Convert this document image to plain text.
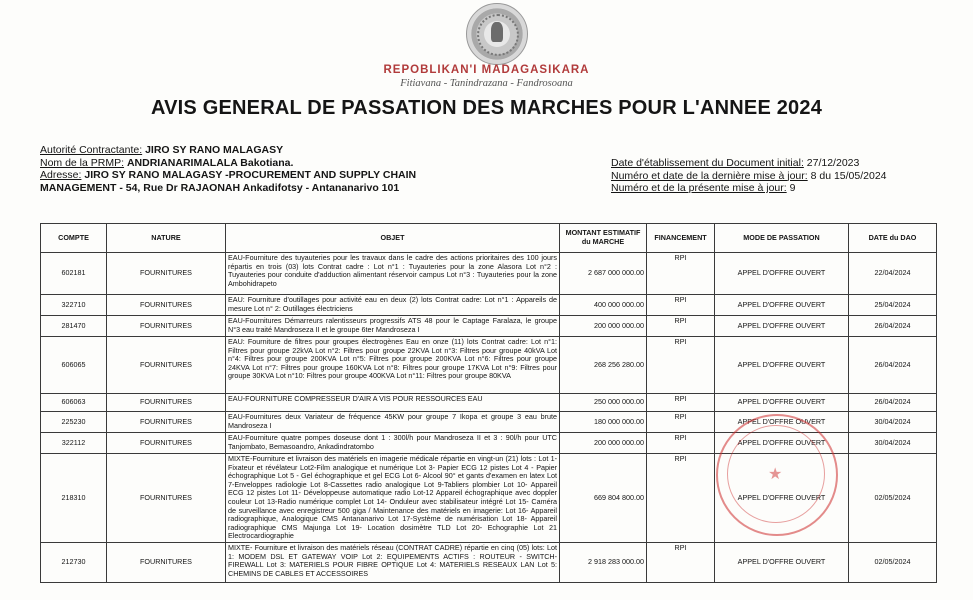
REPOBLIKAN'I MADAGASIKARA
Fitiavana - Tanindrazana - Fandrosoana
AVIS GENERAL DE PASSATION DES MARCHES POUR L'ANNEE 2024
Autorité Contractante: JIRO SY RANO MALAGASY
Nom de la PRMP: ANDRIANARIMALALA Bakotiana.
Adresse: JIRO SY RANO MALAGASY -PROCUREMENT AND SUPPLY CHAIN
MANAGEMENT - 54, Rue Dr RAJAONAH Ankadifotsy - Antananarivo 101
Date d'établissement du Document initial: 27/12/2023
Numéro et date de la dernière mise à jour: 8 du 15/05/2024
Numéro et de la présente mise à jour: 9
COMPTE	NATURE	OBJET	MONTANT ESTIMATIF du MARCHE	FINANCEMENT	MODE DE PASSATION	DATE du DAO
602181	FOURNITURES	EAU-Fourniture des tuyauteries pour les travaux dans le cadre des actions prioritaires des 100 jours répartis en trois (03) lots Contrat cadre : Lot n°1 : Tuyauteries pour la zone Alasora Lot n°2 : Tuyauteries pour conduite d'adduction alimentant réservoir campus Lot n°3 : Tuyauteries pour la zone Ambohidrapeto	2 687 000 000.00	RPI	APPEL D'OFFRE OUVERT	22/04/2024
322710	FOURNITURES	EAU: Fourniture d'outillages pour activité eau en deux (2) lots Contrat cadre: Lot n°1 : Appareils de mesure Lot n° 2: Outillages électriciens	400 000 000.00	RPI	APPEL D'OFFRE OUVERT	25/04/2024
281470	FOURNITURES	EAU-Fournitures Démarreurs ralentisseurs progressifs ATS 48 pour le Captage Faralaza, le groupe N°3 eau traité Mandroseza II et le groupe 6ter Mandroseza I	200 000 000.00	RPI	APPEL D'OFFRE OUVERT	26/04/2024
606065	FOURNITURES	EAU: Fourniture de filtres pour groupes électrogènes Eau en onze (11) lots Contrat cadre: Lot n°1: Filtres pour groupe 22kVA Lot n°2: Filtres pour groupe 22KVA Lot n°3: Filtres pour groupe 40kVA Lot n°4: Filtres pour groupe 200KVA Lot n°5: Filtres pour groupe 200KVA Lot n°6: Filtres pour groupe 24KVA Lot n°7: Filtres pour groupe 160KVA Lot n°8: Filtres pour groupe 17KVA Lot n°9: Filtres pour groupe 30KVA Lot n°10: Filtres pour groupe 400KVA Lot n°11: Filtres pour groupe 80KVA	268 256 280.00	RPI	APPEL D'OFFRE OUVERT	26/04/2024
606063	FOURNITURES	EAU-FOURNITURE COMPRESSEUR D'AIR A VIS POUR RESSOURCES EAU	250 000 000.00	RPI	APPEL D'OFFRE OUVERT	26/04/2024
225230	FOURNITURES	EAU-Fournitures deux Variateur de fréquence 45KW pour groupe 7 Ikopa et groupe 3 eau brute Mandroseza I	180 000 000.00	RPI	APPEL D'OFFRE OUVERT	30/04/2024
322112	FOURNITURES	EAU-Fourniture quatre pompes doseuse dont 1 : 300l/h pour Mandroseza II et 3 : 90l/h pour UTC Tanjombato, Bemasoandro, Ankadindratombo	200 000 000.00	RPI	APPEL D'OFFRE OUVERT	30/04/2024
218310	FOURNITURES	MIXTE-Fourniture et livraison des matériels en imagerie médicale répartie en vingt-un (21) lots : Lot 1-Fixateur et révélateur Lot2-Film analogique et numérique Lot 3- Papier ECG 12 pistes Lot 4 - Papier échographique Lot 5 - Gel échographique et gel ECG Lot 6- Alcool 90° et gants d'examen en latex Lot 7-Enveloppes radiologie Lot 8-Cassettes radio analogique Lot 9-Tabliers plombier Lot 10- Appareil ECG 12 pistes Lot 11- Développeuse automatique radio Lot-12 Appareil échographique avec doppler couleur Lot 13-Radio numérique complet Lot 14- Onduleur avec stabilisateur intégré Lot 15- Caméra de surveillance avec enregistreur 500 giga / Maintenance des matériels en imagerie: Lot 16- Appareil radiographique, Analogique CMS Antananarivo Lot 17-Système de numérisation Lot 18- Appareil radiographique CMS Majunga Lot 19- Location dosimètre TLD Lot 20- Echographie Lot 21 Electrocardiographie	669 804 800.00	RPI	APPEL D'OFFRE OUVERT	02/05/2024
212730	FOURNITURES	MIXTE- Fourniture et livraison des matériels réseau (CONTRAT CADRE) répartie en cinq (05) lots: Lot 1: MODEM DSL ET GATEWAY VOIP Lot 2: EQUIPEMENTS ACTIFS : ROUTEUR - SWITCH-FIREWALL Lot 3: MATERIELS POUR FIBRE OPTIQUE Lot 4: MATERIELS RESEAUX LAN Lot 5: CHEMINS DE CABLES ET ACCESSOIRES	2 918 283 000.00	RPI	APPEL D'OFFRE OUVERT	02/05/2024
★
